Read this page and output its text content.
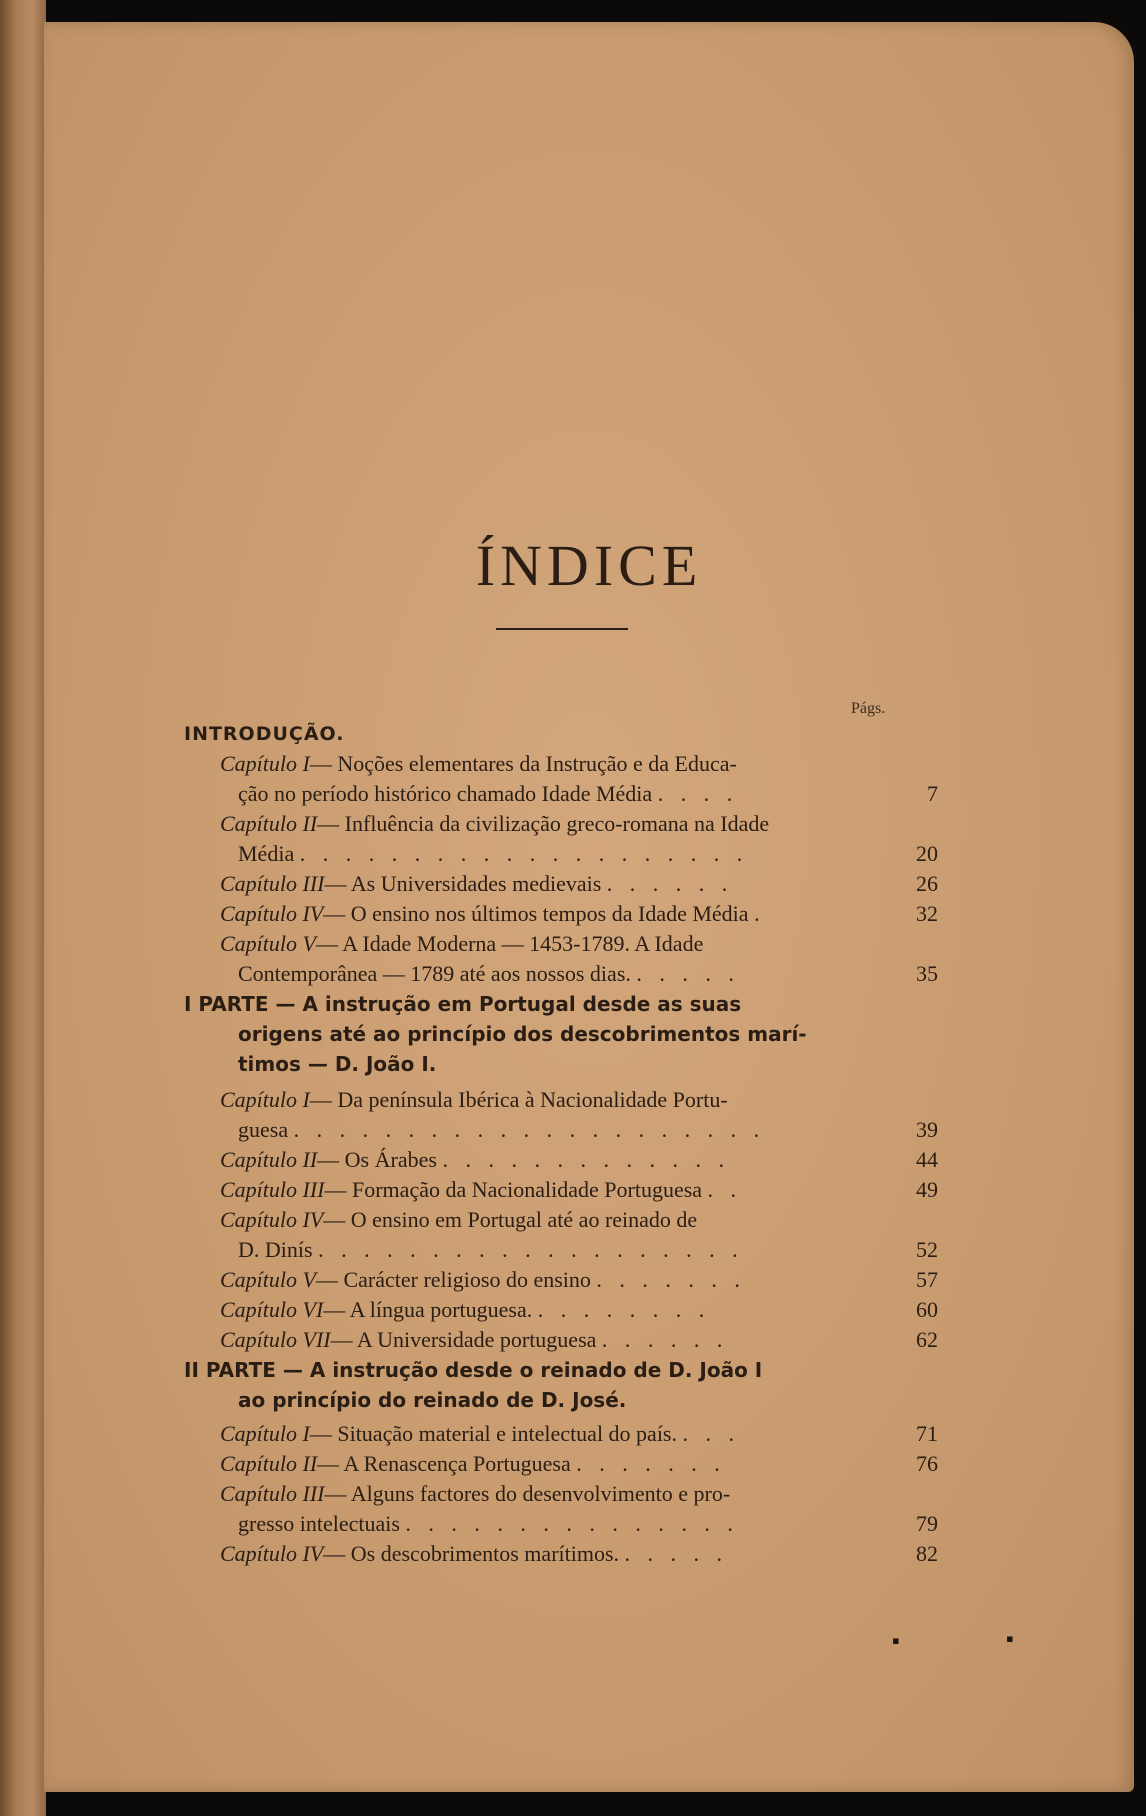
ÍNDICE
Págs.
INTRODUÇÃO.
Capítulo I— Noções elementares da Instrução e da Educa-
ção no período histórico chamado Idade Média . . . .	7
Capítulo II— Influência da civilização greco-romana na Idade
Média . . . . . . . . . . . . . . . . . . . .	20
Capítulo III— As Universidades medievais . . . . . .	26
Capítulo IV— O ensino nos últimos tempos da Idade Média .	32
Capítulo V— A Idade Moderna — 1453-1789. A Idade
Contemporânea — 1789 até aos nossos dias. . . . . .	35
I PARTE — A instrução em Portugal desde as suas
origens até ao princípio dos descobrimentos marí-
timos — D. João I.
Capítulo I— Da península Ibérica à Nacionalidade Portu-
guesa . . . . . . . . . . . . . . . . . . . . .	39
Capítulo II— Os Árabes . . . . . . . . . . . . .	44
Capítulo III— Formação da Nacionalidade Portuguesa . .	49
Capítulo IV— O ensino em Portugal até ao reinado de
D. Dinís . . . . . . . . . . . . . . . . . . .	52
Capítulo V— Carácter religioso do ensino . . . . . . .	57
Capítulo VI— A língua portuguesa. . . . . . . . .	60
Capítulo VII— A Universidade portuguesa . . . . . .	62
II PARTE — A instrução desde o reinado de D. João I
ao princípio do reinado de D. José.
Capítulo I— Situação material e intelectual do país. . . .	71
Capítulo II— A Renascença Portuguesa . . . . . . .	76
Capítulo III— Alguns factores do desenvolvimento e pro-
gresso intelectuais . . . . . . . . . . . . . . .	79
Capítulo IV— Os descobrimentos marítimos. . . . . .	82
▪	▪
